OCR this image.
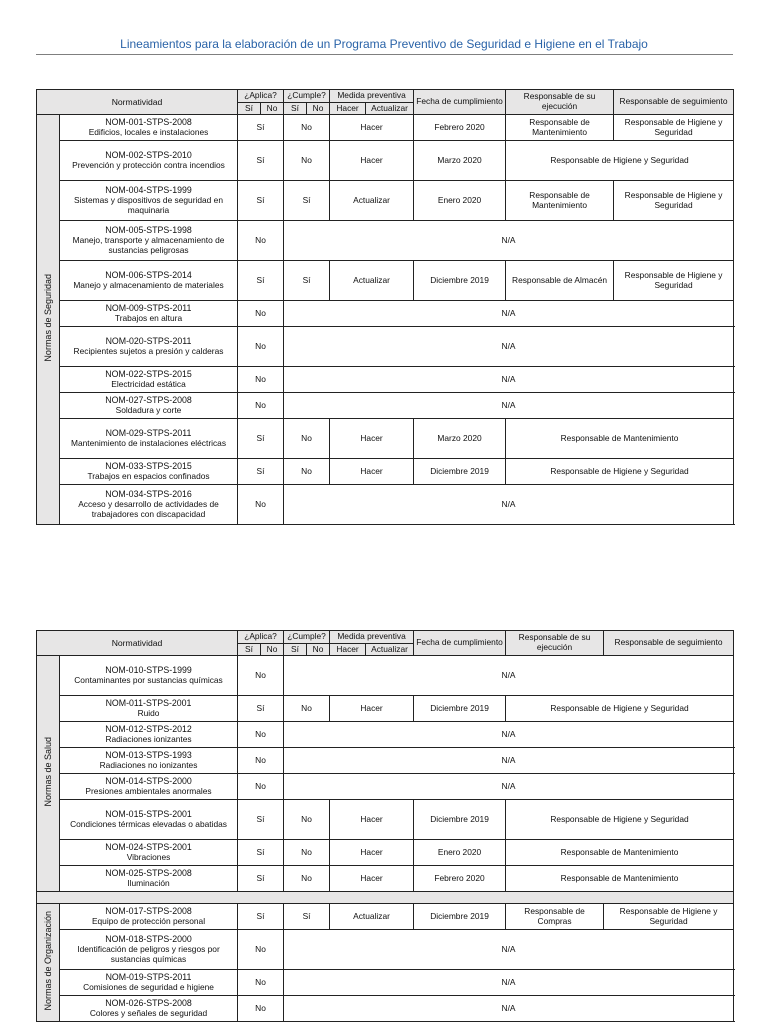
Lineamientos para la elaboración de un Programa Preventivo de Seguridad e Higiene en el Trabajo
Normatividad		¿Aplica?		¿Cumple?		Medida preventiva		Fecha de cumplimiento	Responsable de su ejecución	Responsable de seguimiento
		Sí	No	Sí	No	Hacer	Actualizar			
Normas de Seguridad	NOM-001-STPS-2008
Edificios, locales e instalaciones	Sí		No		Hacer		Febrero 2020	Responsable de Mantenimiento	Responsable de Higiene y Seguridad

	NOM-002-STPS-2010
Prevención y protección contra incendios	Sí		No		Hacer		Marzo 2020	Responsable de Higiene y Seguridad	

	NOM-004-STPS-1999
Sistemas y dispositivos de seguridad en maquinaria	Sí		Sí		Actualizar		Enero 2020	Responsable de Mantenimiento	Responsable de Higiene y Seguridad

	NOM-005-STPS-1998
Manejo, transporte y almacenamiento de sustancias peligrosas	No		N/A						

	NOM-006-STPS-2014
Manejo y almacenamiento de materiales	Sí		Sí		Actualizar		Diciembre 2019	Responsable de Almacén	Responsable de Higiene y Seguridad

	NOM-009-STPS-2011
Trabajos en altura	No		N/A						

	NOM-020-STPS-2011
Recipientes sujetos a presión y calderas	No		N/A						

	NOM-022-STPS-2015
Electricidad estática	No		N/A						

	NOM-027-STPS-2008
Soldadura y corte	No		N/A						

	NOM-029-STPS-2011
Mantenimiento de instalaciones eléctricas	Sí		No		Hacer		Marzo 2020	Responsable de Mantenimiento	

	NOM-033-STPS-2015
Trabajos en espacios confinados	Sí		No		Hacer		Diciembre 2019	Responsable de Higiene y Seguridad	

	NOM-034-STPS-2016
Acceso y desarrollo de actividades de trabajadores con discapacidad	No		N/A						
Normatividad		¿Aplica?		¿Cumple?		Medida preventiva		Fecha de cumplimiento	Responsable de su ejecución	Responsable de seguimiento
		Sí	No	Sí	No	Hacer	Actualizar			
Normas de Salud	NOM-010-STPS-1999
Contaminantes por sustancias químicas	No		N/A						

	NOM-011-STPS-2001
Ruido	Sí		No		Hacer		Diciembre 2019	Responsable de Higiene y Seguridad	

	NOM-012-STPS-2012
Radiaciones ionizantes	No		N/A						

	NOM-013-STPS-1993
Radiaciones no ionizantes	No		N/A						

	NOM-014-STPS-2000
Presiones ambientales anormales	No		N/A						

	NOM-015-STPS-2001
Condiciones térmicas elevadas o abatidas	Sí		No		Hacer		Diciembre 2019	Responsable de Higiene y Seguridad	

	NOM-024-STPS-2001
Vibraciones	Sí		No		Hacer		Enero 2020	Responsable de Mantenimiento	

	NOM-025-STPS-2008
Iluminación	Sí		No		Hacer		Febrero 2020	Responsable de Mantenimiento	

Normas de Organización	NOM-017-STPS-2008
Equipo de protección personal	Sí		Sí		Actualizar		Diciembre 2019	Responsable de Compras	Responsable de Higiene y Seguridad

	NOM-018-STPS-2000
Identificación de peligros y riesgos por sustancias químicas	No		N/A						

	NOM-019-STPS-2011
Comisiones de seguridad e higiene	No		N/A						

	NOM-026-STPS-2008
Colores y señales de seguridad	No		N/A						
